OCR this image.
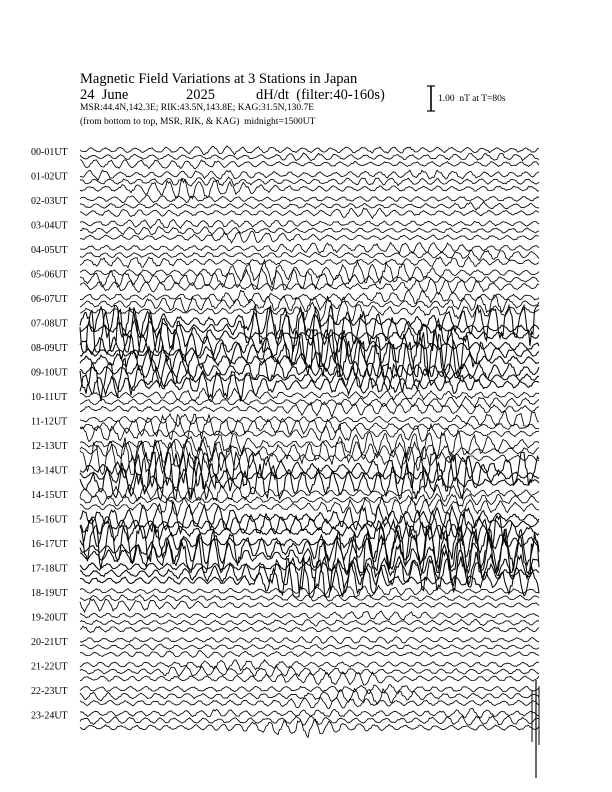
Magnetic Field Variations at 3 Stations in Japan

24  June

	2025

	dH/dt  (filter:40-160s)

MSR:44.4N,142.3E; RIK:43.5N,143.8E; KAG:31.5N,130.7E
(from bottom to top, MSR, RIK, & KAG)  midnight=1500UT
1.00  nT at T=80s
00-01UT
01-02UT
02-03UT
03-04UT
04-05UT
05-06UT
06-07UT
07-08UT
08-09UT
09-10UT
10-11UT
11-12UT
12-13UT
13-14UT
14-15UT
15-16UT
16-17UT
17-18UT
18-19UT
19-20UT
20-21UT
21-22UT
22-23UT
23-24UT
